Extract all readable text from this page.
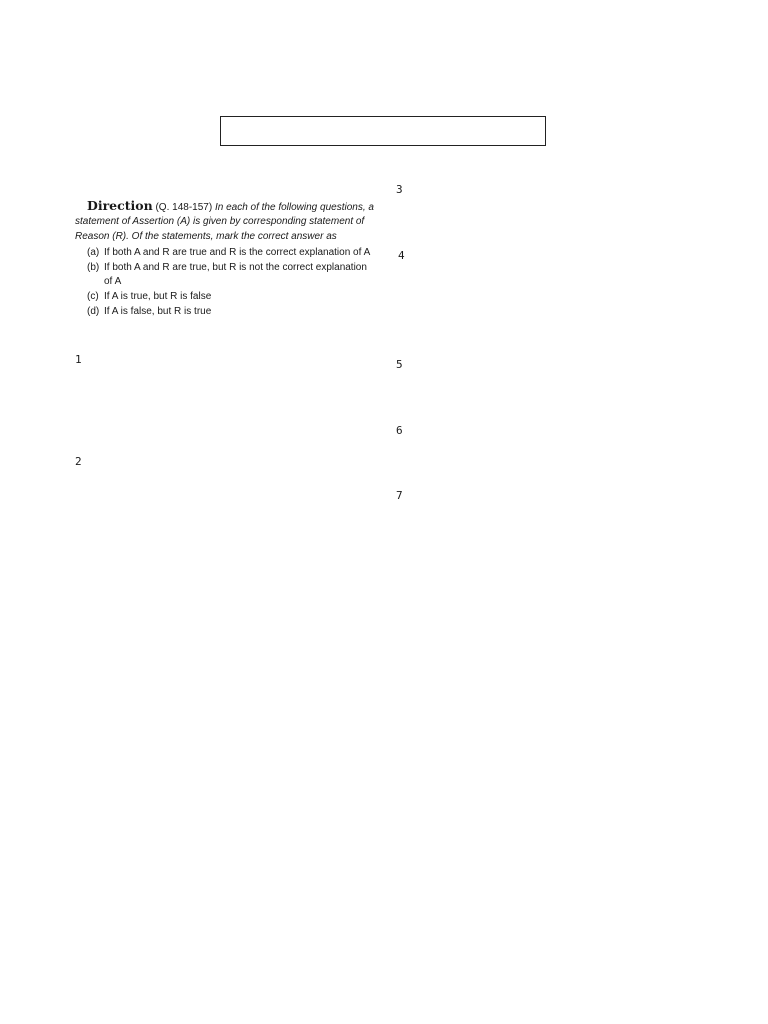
Direction (Q. 148-157) In each of the following questions, a statement of Assertion (A) is given by corresponding statement of Reason (R). Of the statements, mark the correct answer as
(a) If both A and R are true and R is the correct explanation of A
(b) If both A and R are true, but R is not the correct explanation of A
(c) If A is true, but R is false
(d) If A is false, but R is true
1
2
3
4
5
6
7
